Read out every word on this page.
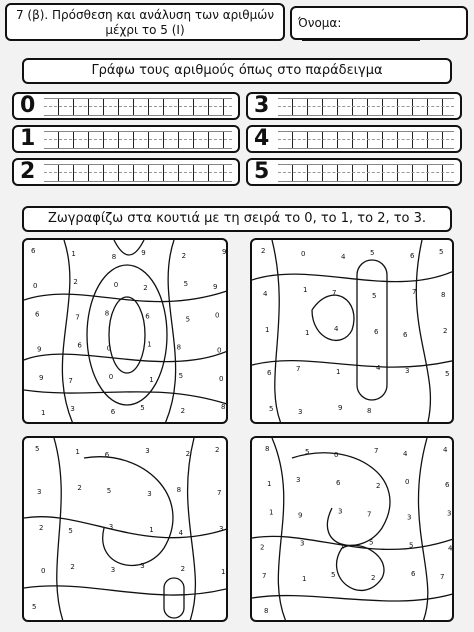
7 (β). Πρόσθεση και ανάλυση των αριθμών
μέχρι το 5 (Ι)	Όνομα:
Γράφω τους αριθμούς όπως στο παράδειγμα
0
1
2
3
4
5
Ζωγραφίζω στα κουτιά με τη σειρά το 0, το 1, το 2, το 3.
6	1	8	9	2	9
0	2	0	2	5	9
6	7	8	6	5	0
9	6	0	1	8	0
9	7	0	1	5	0
1	3	6	5	2	8
2	0	4	5	6	5
4	1	7	5	7	8
1	1	4	6	6	2
6	7	1	4	3	5
5	3	9	8
5	1	6	3	2	2
3	2	5	3	8	7
2	5	3	1	4	3
0	2	3	3	2	1
5
8	5	0	7	4	4
1	3	6	2	0	6
1	9	3	7	3	3
2	3	1	5	5	4
7	1	5	2	6	7
8
